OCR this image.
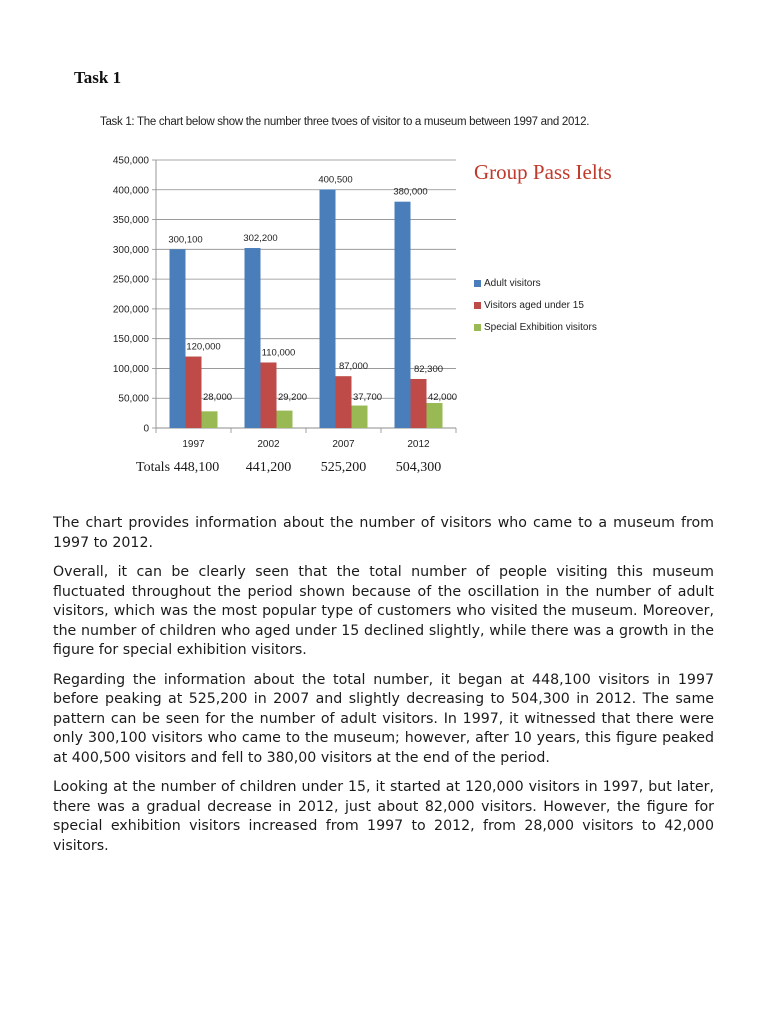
Task 1
Task 1: The chart below show the number three tvoes of visitor to a museum between 1997 and 2012.
0
50,000
100,000
150,000
200,000
250,000
300,000
350,000
400,000
450,000
300,100
120,000
28,000
302,200
110,000
29,200
400,500
87,000
37,700
380,000
82,300
42,000
1997	2002	2007	2012
Totals 448,100 441,200 525,200 504,300
Group Pass Ielts
Adult visitors
Visitors aged under 15
Special Exhibition visitors

The chart provides information about the number of visitors who came to a museum from 1997 to 2012.

Overall, it can be clearly seen that the total number of people visiting this museum fluctuated throughout the period shown because of the oscillation in the number of adult visitors, which was the most popular type of customers who visited the museum. Moreover, the number of children who aged under 15 declined slightly, while there was a growth in the figure for special exhibition visitors.

Regarding the information about the total number, it began at 448,100 visitors in 1997 before peaking at 525,200 in 2007 and slightly decreasing to 504,300 in 2012. The same pattern can be seen for the number of adult visitors. In 1997, it witnessed that there were only 300,100 visitors who came to the museum; however, after 10 years, this figure peaked at 400,500 visitors and fell to 380,00 visitors at the end of the period.

Looking at the number of children under 15, it started at 120,000 visitors in 1997, but later, there was a gradual decrease in 2012, just about 82,000 visitors. However, the figure for special exhibition visitors increased from 1997 to 2012, from 28,000 visitors to 42,000 visitors.
